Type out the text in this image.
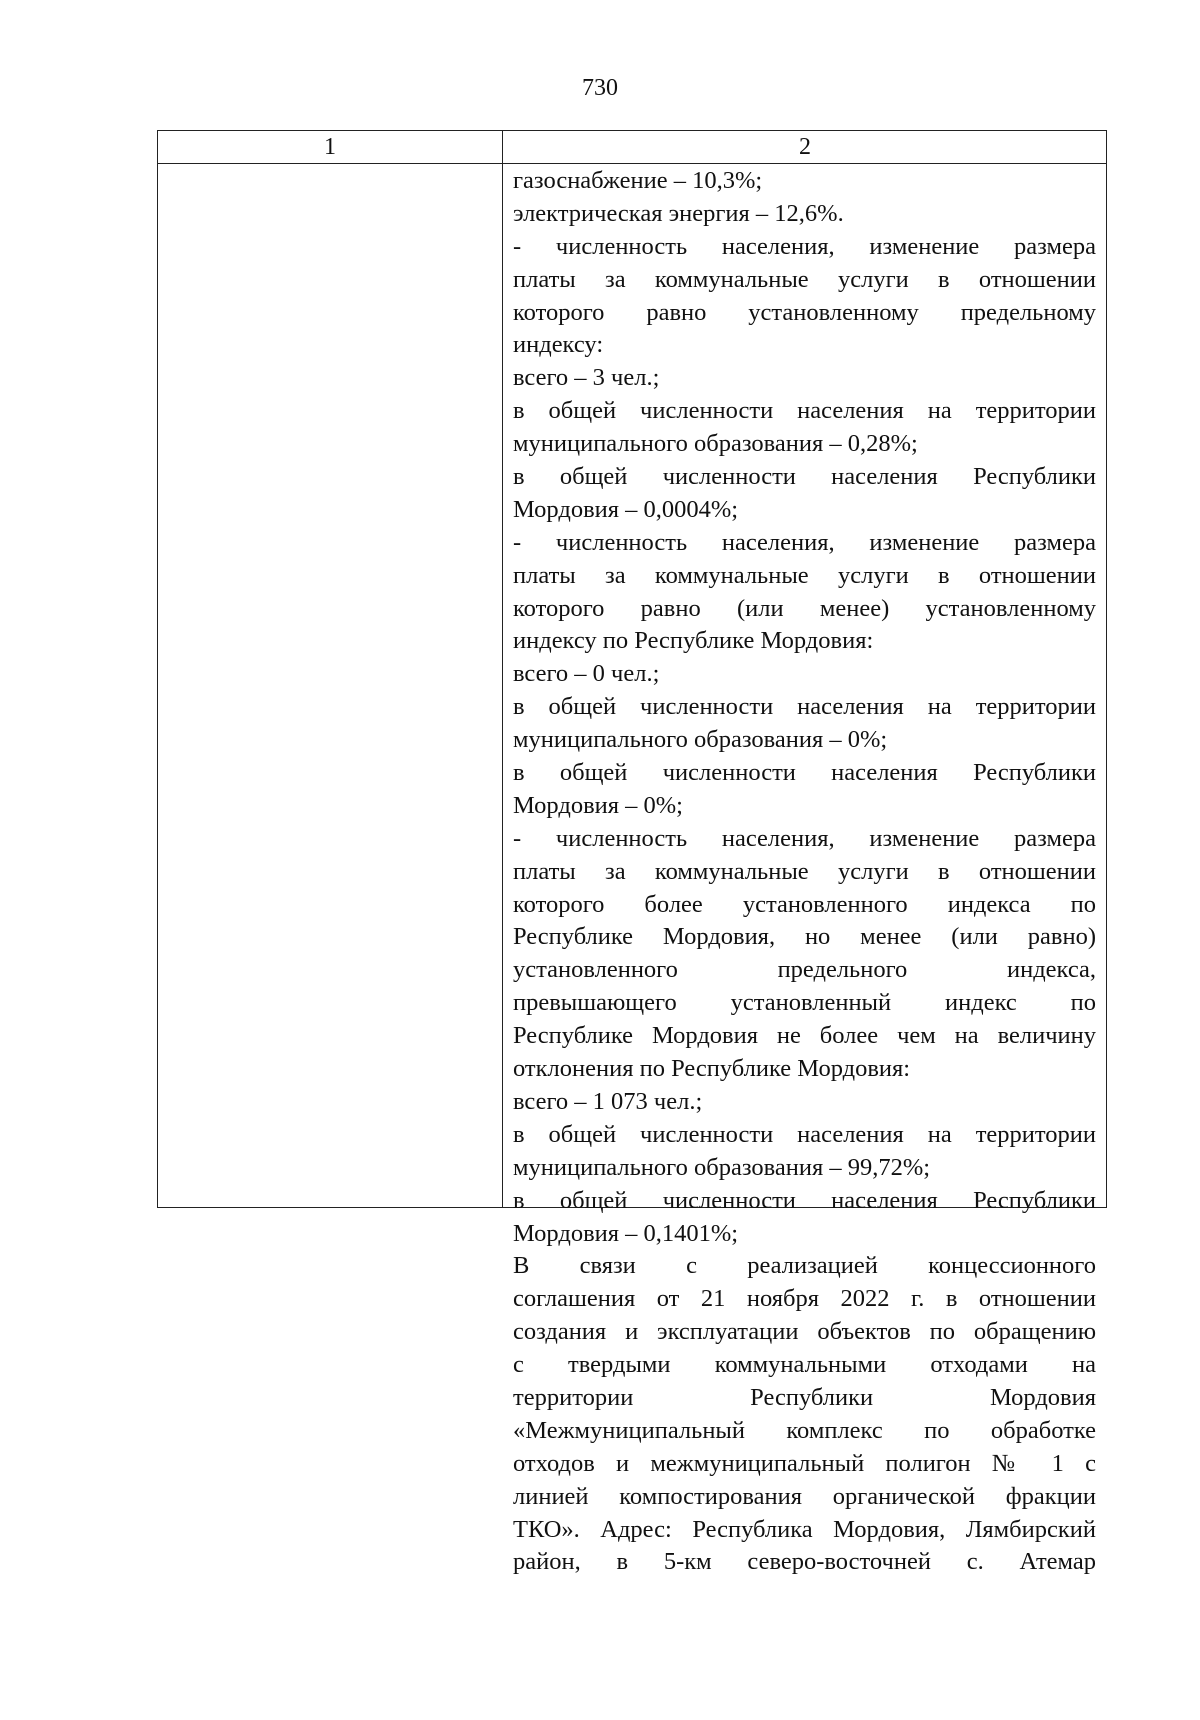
730
1	2
газоснабжение – 10,3%;
электрическая энергия – 12,6%.
- численность населения, изменение размера
платы за коммунальные услуги в отношении
которого равно установленному предельному
индексу:
всего – 3 чел.;
в общей численности населения на территории
муниципального образования – 0,28%;
в общей численности населения Республики
Мордовия – 0,0004%;
- численность населения, изменение размера
платы за коммунальные услуги в отношении
которого равно (или менее) установленному
индексу по Республике Мордовия:
всего – 0 чел.;
в общей численности населения на территории
муниципального образования – 0%;
в общей численности населения Республики
Мордовия – 0%;
- численность населения, изменение размера
платы за коммунальные услуги в отношении
которого более установленного индекса по
Республике Мордовия, но менее (или равно)
установленного предельного индекса,
превышающего установленный индекс по
Республике Мордовия не более чем на величину
отклонения по Республике Мордовия:
всего – 1 073 чел.;
в общей численности населения на территории
муниципального образования – 99,72%;
в общей численности населения Республики
Мордовия – 0,1401%;
В связи с реализацией концессионного
соглашения от 21 ноября 2022 г. в отношении
создания и эксплуатации объектов по обращению
с твердыми коммунальными отходами на
территории Республики Мордовия
«Межмуниципальный комплекс по обработке
отходов и межмуниципальный полигон № 1 с
линией компостирования органической фракции
ТКО». Адрес: Республика Мордовия, Лямбирский
район, в 5-км северо-восточней с. Атемар
